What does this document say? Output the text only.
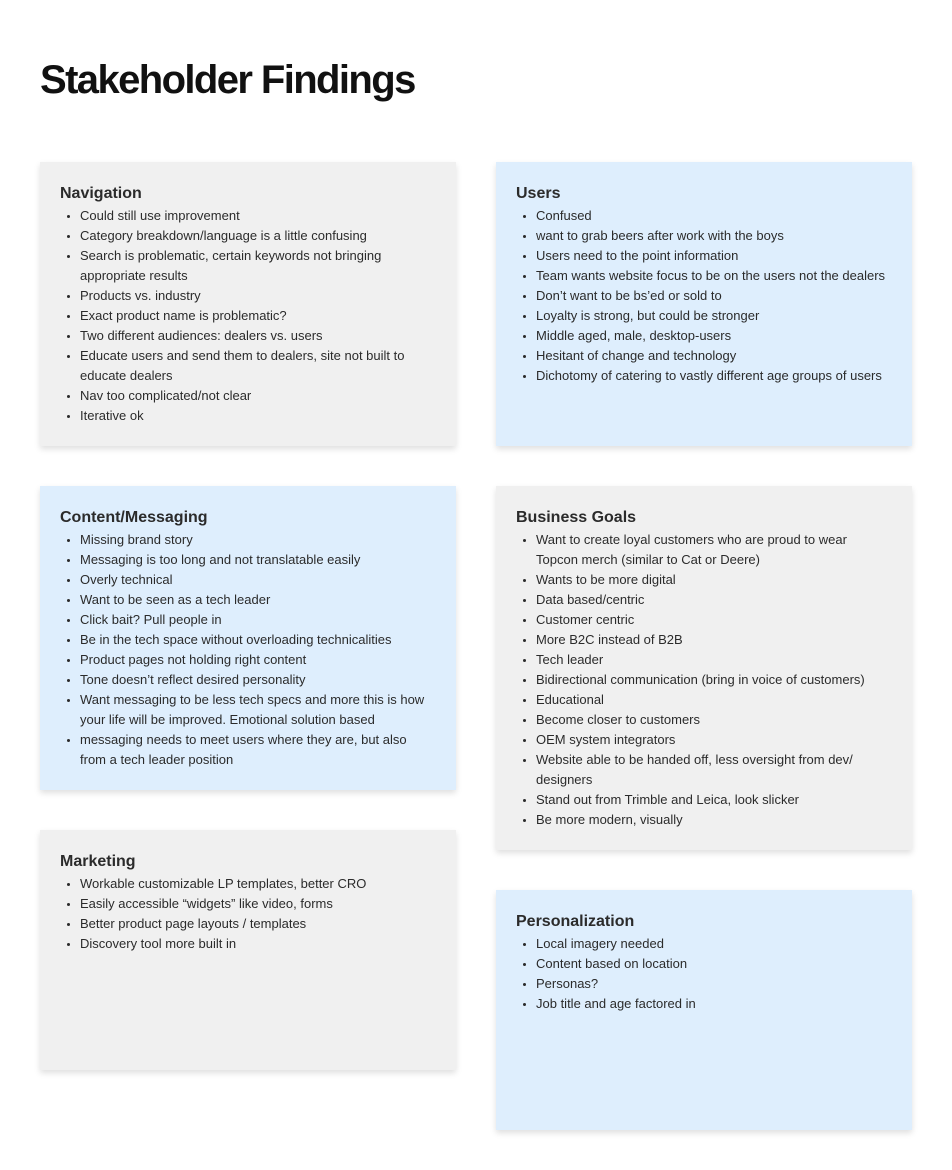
Stakeholder Findings
Navigation
• Could still use improvement
• Category breakdown/language is a little confusing
• Search is problematic, certain keywords not bringing appropriate results
• Products vs. industry
• Exact product name is problematic?
• Two different audiences: dealers vs. users
• Educate users and send them to dealers, site not built to educate dealers
• Nav too complicated/not clear
• Iterative ok
Users
• Confused
• want to grab beers after work with the boys
• Users need to the point information
• Team wants website focus to be on the users not the dealers
• Don’t want to be bs’ed or sold to
• Loyalty is strong, but could be stronger
• Middle aged, male, desktop-users
• Hesitant of change and technology
• Dichotomy of catering to vastly different age groups of users
Content/Messaging
• Missing brand story
• Messaging is too long and not translatable easily
• Overly technical
• Want to be seen as a tech leader
• Click bait? Pull people in
• Be in the tech space without overloading technicalities
• Product pages not holding right content
• Tone doesn’t reflect desired personality
• Want messaging to be less tech specs and more this is how your life will be improved. Emotional solution based
• messaging needs to meet users where they are, but also from a tech leader position
Business Goals
• Want to create loyal customers who are proud to wear Topcon merch (similar to Cat or Deere)
• Wants to be more digital
• Data based/centric
• Customer centric
• More B2C instead of B2B
• Tech leader
• Bidirectional communication (bring in voice of customers)
• Educational
• Become closer to customers
• OEM system integrators
• Website able to be handed off, less oversight from dev/ designers
• Stand out from Trimble and Leica, look slicker
• Be more modern, visually
Marketing
• Workable customizable LP templates, better CRO
• Easily accessible “widgets” like video, forms
• Better product page layouts / templates
• Discovery tool more built in
Personalization
• Local imagery needed
• Content based on location
• Personas?
• Job title and age factored in
